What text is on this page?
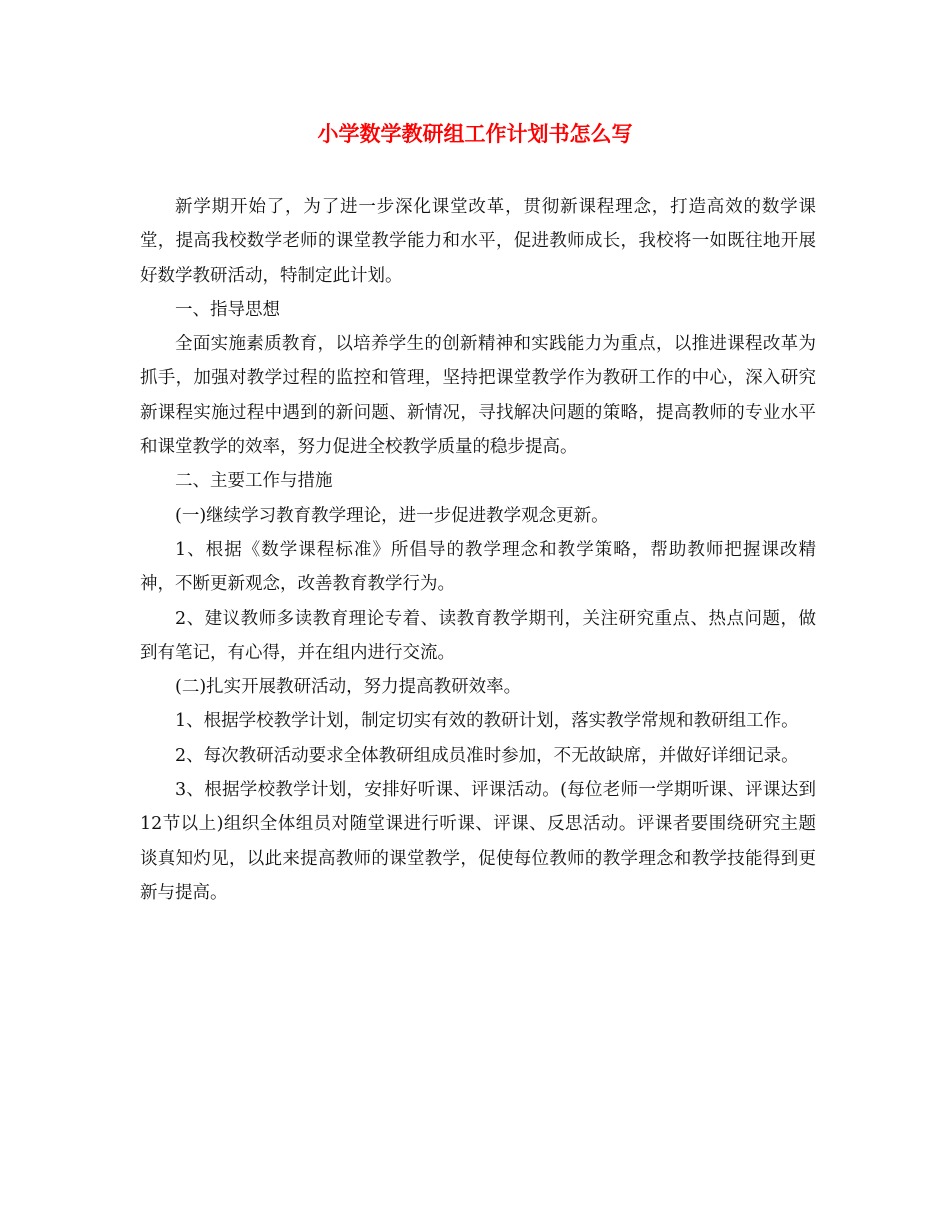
小学数学教研组工作计划书怎么写

新学期开始了，为了进一步深化课堂改革，贯彻新课程理念，打造高效的数学课堂，提高我校数学老师的课堂教学能力和水平，促进教师成长，我校将一如既往地开展好数学教研活动，特制定此计划。

一、指导思想

全面实施素质教育，以培养学生的创新精神和实践能力为重点，以推进课程改革为抓手，加强对教学过程的监控和管理，坚持把课堂教学作为教研工作的中心，深入研究新课程实施过程中遇到的新问题、新情况，寻找解决问题的策略，提高教师的专业水平和课堂教学的效率，努力促进全校教学质量的稳步提高。

二、主要工作与措施

(一)继续学习教育教学理论，进一步促进教学观念更新。

1、根据《数学课程标准》所倡导的教学理念和教学策略，帮助教师把握课改精神，不断更新观念，改善教育教学行为。

2、建议教师多读教育理论专着、读教育教学期刊，关注研究重点、热点问题，做到有笔记，有心得，并在组内进行交流。

(二)扎实开展教研活动，努力提高教研效率。

1、根据学校教学计划，制定切实有效的教研计划，落实教学常规和教研组工作。

2、每次教研活动要求全体教研组成员准时参加，不无故缺席，并做好详细记录。

3、根据学校教学计划，安排好听课、评课活动。(每位老师一学期听课、评课达到12节以上)组织全体组员对随堂课进行听课、评课、反思活动。评课者要围绕研究主题谈真知灼见，以此来提高教师的课堂教学，促使每位教师的教学理念和教学技能得到更新与提高。
